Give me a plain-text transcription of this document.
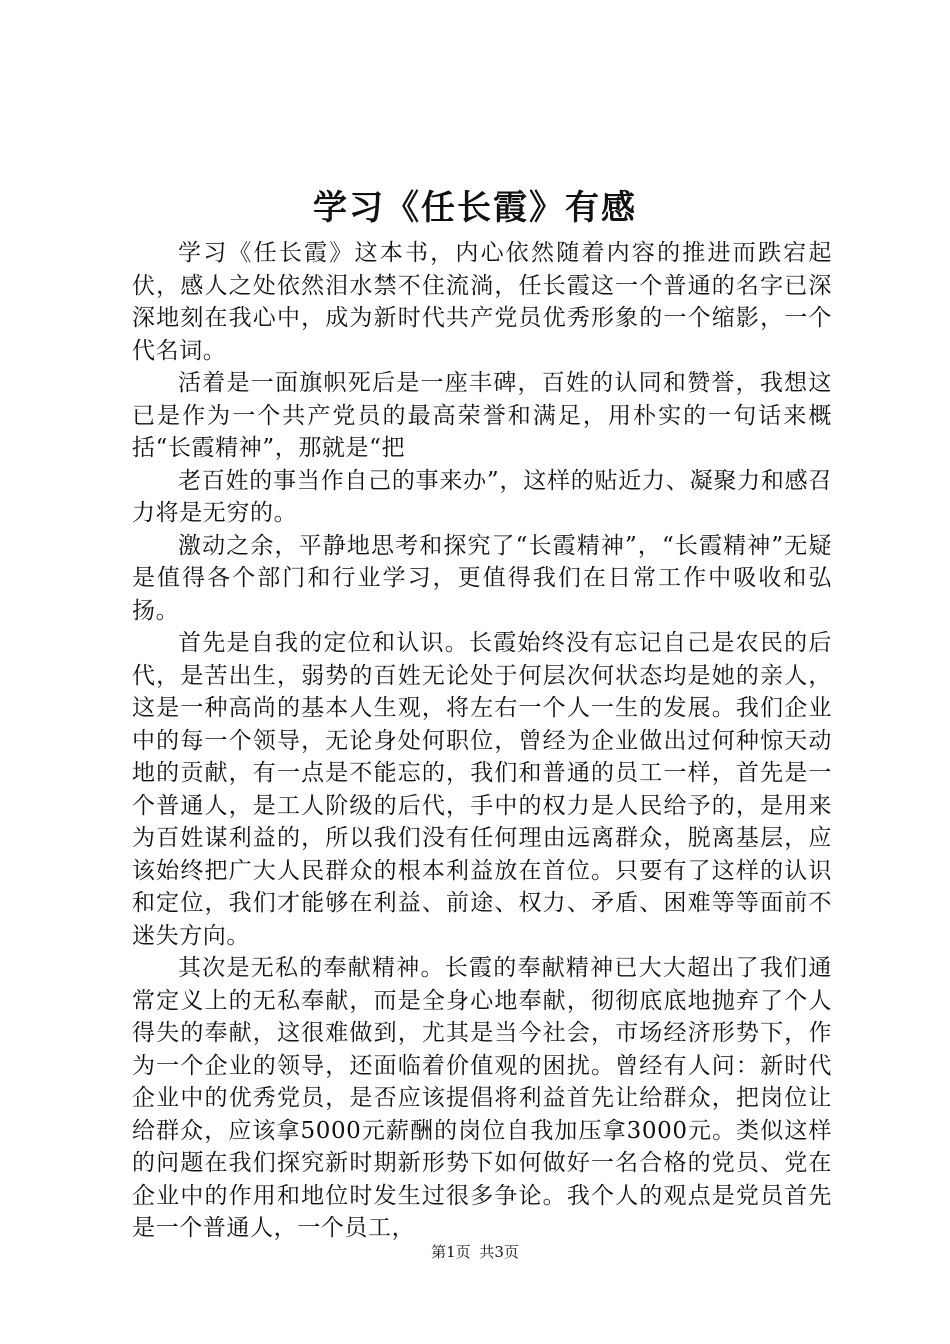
学习《任长霞》有感

学习《任长霞》这本书，内心依然随着内容的推进而跌宕起伏，感人之处依然泪水禁不住流淌，任长霞这一个普通的名字已深深地刻在我心中，成为新时代共产党员优秀形象的一个缩影，一个代名词。

活着是一面旗帜死后是一座丰碑，百姓的认同和赞誉，我想这已是作为一个共产党员的最高荣誉和满足，用朴实的一句话来概括“长霞精神”，那就是“把

老百姓的事当作自己的事来办”，这样的贴近力、凝聚力和感召力将是无穷的。

激动之余，平静地思考和探究了“长霞精神”，“长霞精神”无疑是值得各个部门和行业学习，更值得我们在日常工作中吸收和弘扬。

首先是自我的定位和认识。长霞始终没有忘记自己是农民的后代，是苦出生，弱势的百姓无论处于何层次何状态均是她的亲人，这是一种高尚的基本人生观，将左右一个人一生的发展。我们企业中的每一个领导，无论身处何职位，曾经为企业做出过何种惊天动地的贡献，有一点是不能忘的，我们和普通的员工一样，首先是一个普通人，是工人阶级的后代，手中的权力是人民给予的，是用来为百姓谋利益的，所以我们没有任何理由远离群众，脱离基层，应该始终把广大人民群众的根本利益放在首位。只要有了这样的认识和定位，我们才能够在利益、前途、权力、矛盾、困难等等面前不迷失方向。

其次是无私的奉献精神。长霞的奉献精神已大大超出了我们通常定义上的无私奉献，而是全身心地奉献，彻彻底底地抛弃了个人得失的奉献，这很难做到，尤其是当今社会，市场经济形势下，作为一个企业的领导，还面临着价值观的困扰。曾经有人问：新时代企业中的优秀党员，是否应该提倡将利益首先让给群众，把岗位让给群众，应该拿5000元薪酬的岗位自我加压拿3000元。类似这样的问题在我们探究新时期新形势下如何做好一名合格的党员、党在企业中的作用和地位时发生过很多争论。我个人的观点是党员首先是一个普通人，一个员工，

第1页 共3页
